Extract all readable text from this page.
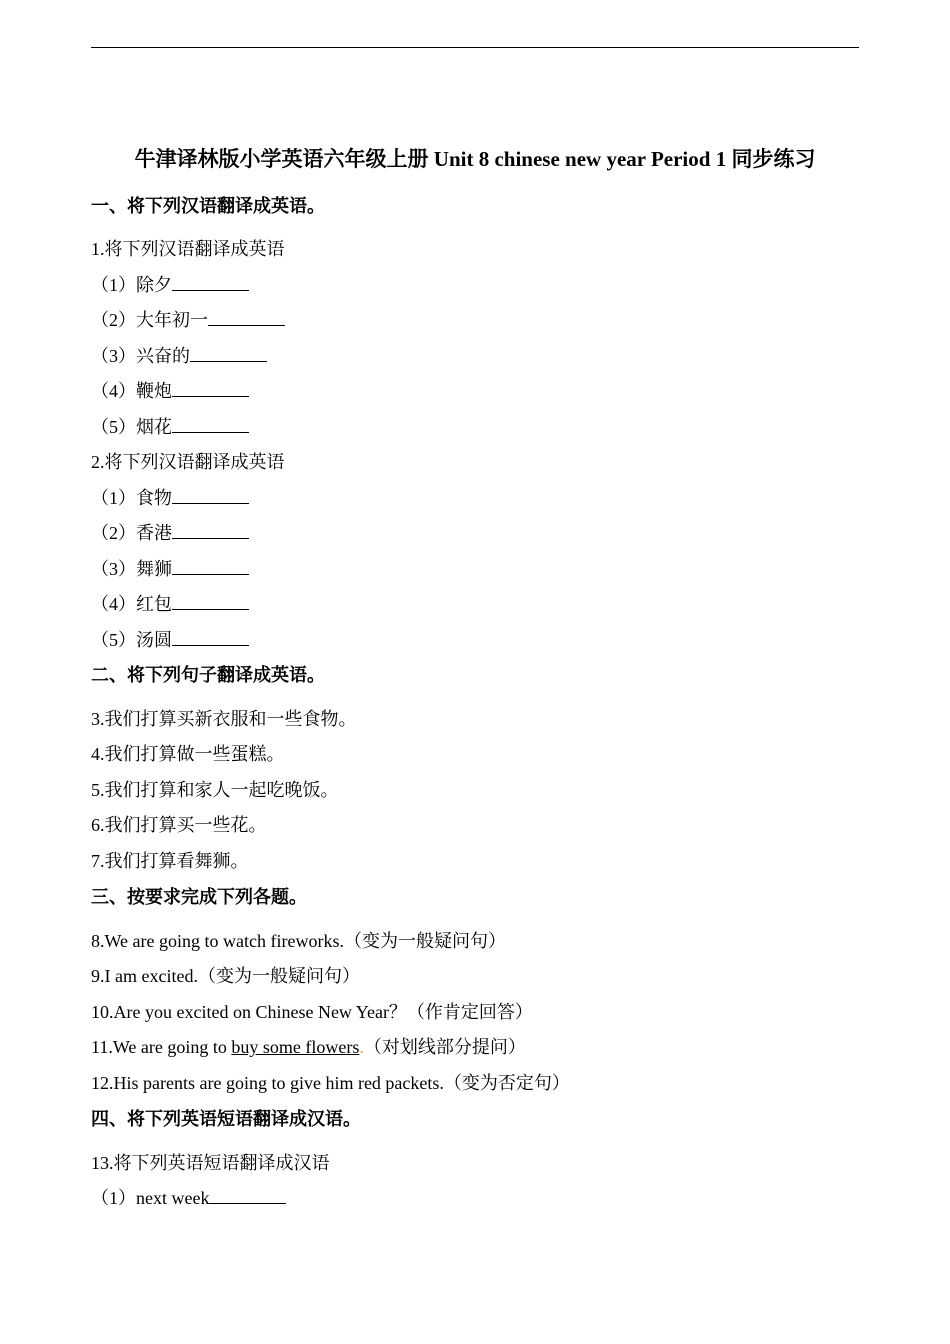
牛津译林版小学英语六年级上册 Unit 8 chinese new year Period 1 同步练习
一、将下列汉语翻译成英语。
1.将下列汉语翻译成英语
（1）除夕
（2）大年初一
（3）兴奋的
（4）鞭炮
（5）烟花
2.将下列汉语翻译成英语
（1）食物
（2）香港
（3）舞狮
（4）红包
（5）汤圆
二、将下列句子翻译成英语。
3.我们打算买新衣服和一些食物。
4.我们打算做一些蛋糕。
5.我们打算和家人一起吃晚饭。
6.我们打算买一些花。
7.我们打算看舞狮。
三、按要求完成下列各题。
8.We are going to watch fireworks.（变为一般疑问句）
9.I am excited.（变为一般疑问句）
10.Are you excited on Chinese New Year？（作肯定回答）
11.We are going to buy some flowers.（对划线部分提问）
12.His parents are going to give him red packets.（变为否定句）
四、将下列英语短语翻译成汉语。
13.将下列英语短语翻译成汉语
（1）next week
